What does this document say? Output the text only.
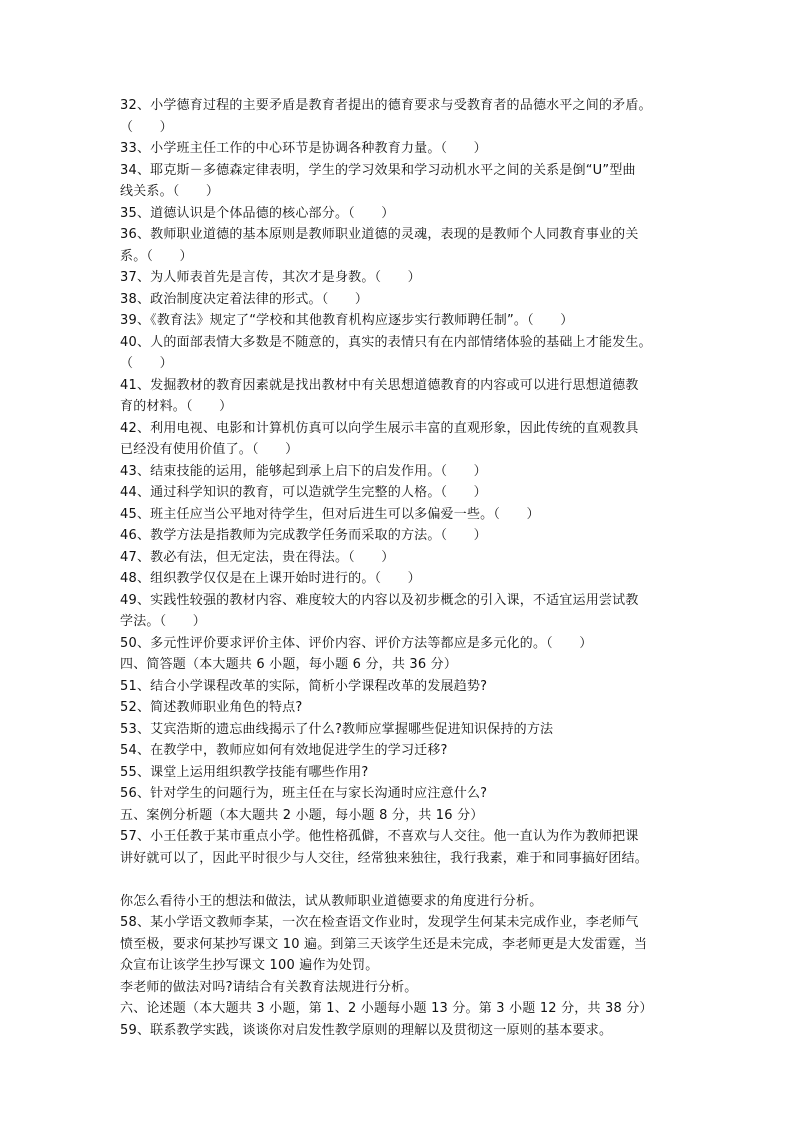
32、小学德育过程的主要矛盾是教育者提出的德育要求与受教育者的品德水平之间的矛盾。
（　　）
33、小学班主任工作的中心环节是协调各种教育力量。（　　）
34、耶克斯－多德森定律表明，学生的学习效果和学习动机水平之间的关系是倒“U”型曲
线关系。（　　）
35、道德认识是个体品德的核心部分。（　　）
36、教师职业道德的基本原则是教师职业道德的灵魂，表现的是教师个人同教育事业的关
系。（　　）
37、为人师表首先是言传，其次才是身教。（　　）
38、政治制度决定着法律的形式。（　　）
39、《教育法》规定了“学校和其他教育机构应逐步实行教师聘任制”。（　　）
40、人的面部表情大多数是不随意的，真实的表情只有在内部情绪体验的基础上才能发生。
（　　）
41、发掘教材的教育因素就是找出教材中有关思想道德教育的内容或可以进行思想道德教
育的材料。（　　）
42、利用电视、电影和计算机仿真可以向学生展示丰富的直观形象，因此传统的直观教具
已经没有使用价值了。（　　）
43、结束技能的运用，能够起到承上启下的启发作用。（　　）
44、通过科学知识的教育，可以造就学生完整的人格。（　　）
45、班主任应当公平地对待学生，但对后进生可以多偏爱一些。（　　）
46、教学方法是指教师为完成教学任务而采取的方法。（　　）
47、教必有法，但无定法，贵在得法。（　　）
48、组织教学仅仅是在上课开始时进行的。（　　）
49、实践性较强的教材内容、难度较大的内容以及初步概念的引入课，不适宜运用尝试教
学法。（　　）
50、多元性评价要求评价主体、评价内容、评价方法等都应是多元化的。（　　）
四、简答题（本大题共 6 小题，每小题 6 分，共 36 分）
51、结合小学课程改革的实际，简析小学课程改革的发展趋势?
52、简述教师职业角色的特点?
53、艾宾浩斯的遗忘曲线揭示了什么?教师应掌握哪些促进知识保持的方法
54、在教学中，教师应如何有效地促进学生的学习迁移?
55、课堂上运用组织教学技能有哪些作用?
56、针对学生的问题行为，班主任在与家长沟通时应注意什么?
五、案例分析题（本大题共 2 小题，每小题 8 分，共 16 分）
57、小王任教于某市重点小学。他性格孤僻，不喜欢与人交往。他一直认为作为教师把课
讲好就可以了，因此平时很少与人交往，经常独来独往，我行我素，难于和同事搞好团结。
你怎么看待小王的想法和做法，试从教师职业道德要求的角度进行分析。
58、某小学语文教师李某，一次在检查语文作业时，发现学生何某未完成作业，李老师气
愤至极，要求何某抄写课文 10 遍。到第三天该学生还是未完成，李老师更是大发雷霆，当
众宣布让该学生抄写课文 100 遍作为处罚。
李老师的做法对吗?请结合有关教育法规进行分析。
六、论述题（本大题共 3 小题，第 1、2 小题每小题 13 分。第 3 小题 12 分，共 38 分）
59、联系教学实践，谈谈你对启发性教学原则的理解以及贯彻这一原则的基本要求。
